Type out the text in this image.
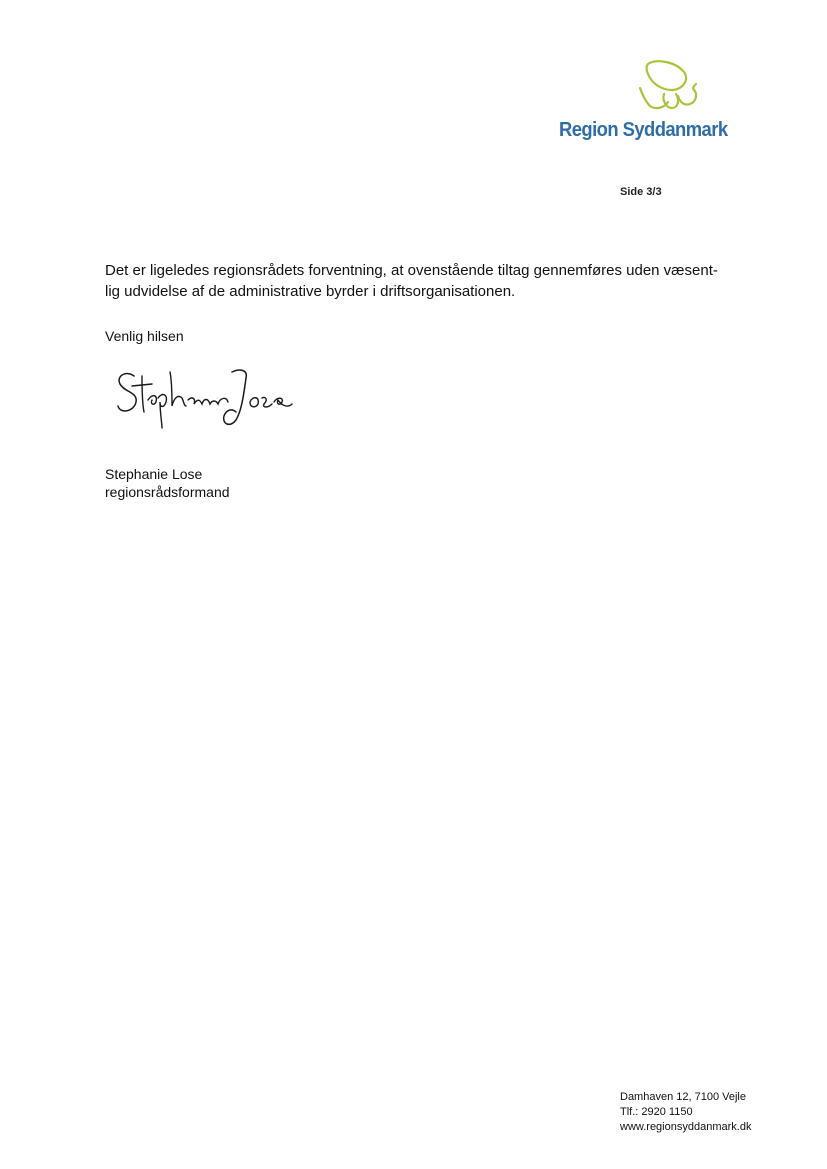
Region Syddanmark
Side 3/3
Det er ligeledes regionsrådets forventning, at ovenstående tiltag gennemføres uden væsent-
lig udvidelse af de administrative byrder i driftsorganisationen.
Venlig hilsen
Stephanie Lose
regionsrådsformand
Damhaven 12, 7100 Vejle
Tlf.: 2920 1150
www.regionsyddanmark.dk
